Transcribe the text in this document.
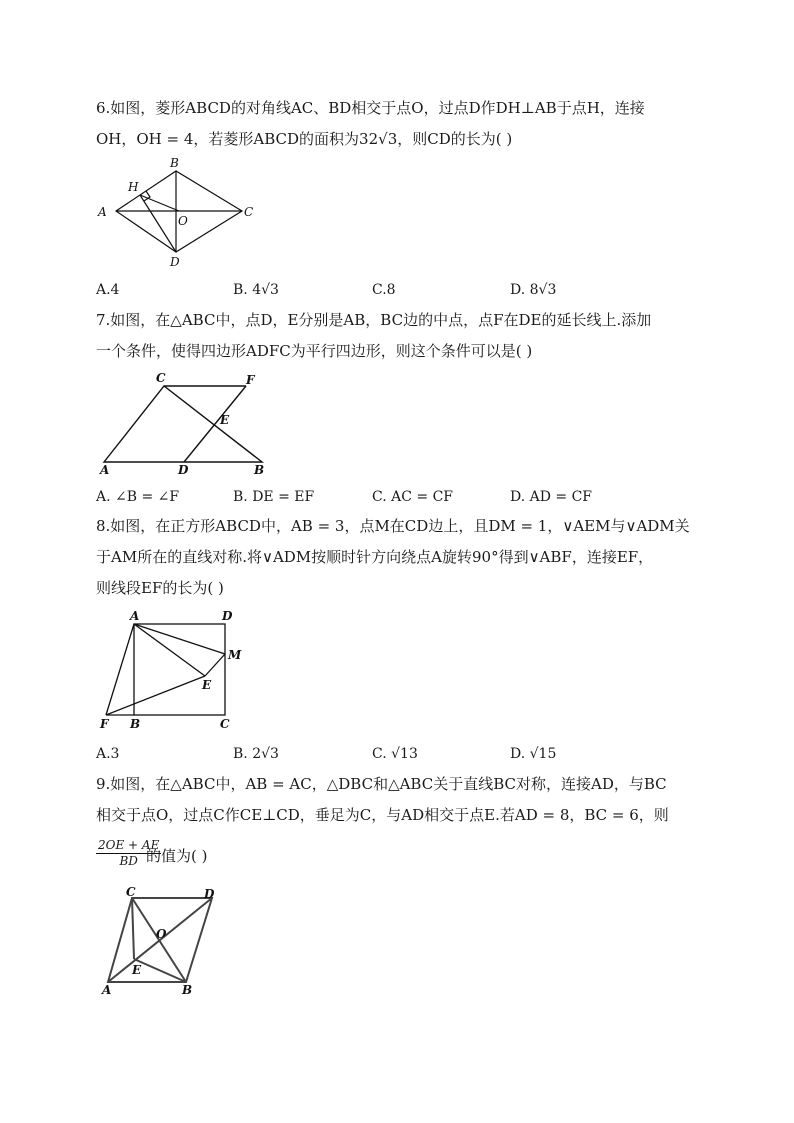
6.如图，菱形ABCD的对角线AC、BD相交于点O，过点D作DH⊥AB于点H，连接
OH，OH = 4，若菱形ABCD的面积为32√3，则CD的长为( )
A
B
C
D
H
O
A.4	B. 4√3	C.8	D. 8√3
7.如图，在△ABC中，点D，E分别是AB，BC边的中点，点F在DE的延长线上.添加
一个条件，使得四边形ADFC为平行四边形，则这个条件可以是( )
A	B
C
D
E
F
A. ∠B = ∠F	B. DE = EF	C. AC = CF	D. AD = CF
8.如图，在正方形ABCD中，AB = 3，点M在CD边上，且DM = 1，∨AEM与∨ADM关
于AM所在的直线对称.将∨ADM按顺时针方向绕点A旋转90°得到∨ABF，连接EF，
则线段EF的长为( )
A
B	C
D
E
F
M
A.3	B. 2√3	C. √13	D. √15
9.如图，在△ABC中，AB = AC，△DBC和△ABC关于直线BC对称，连接AD，与BC
相交于点O，过点C作CE⊥CD，垂足为C，与AD相交于点E.若AD = 8，BC = 6，则
$\frac{2OE + AE}{BD}$
的值为( )
C	D
O
E
A	B
